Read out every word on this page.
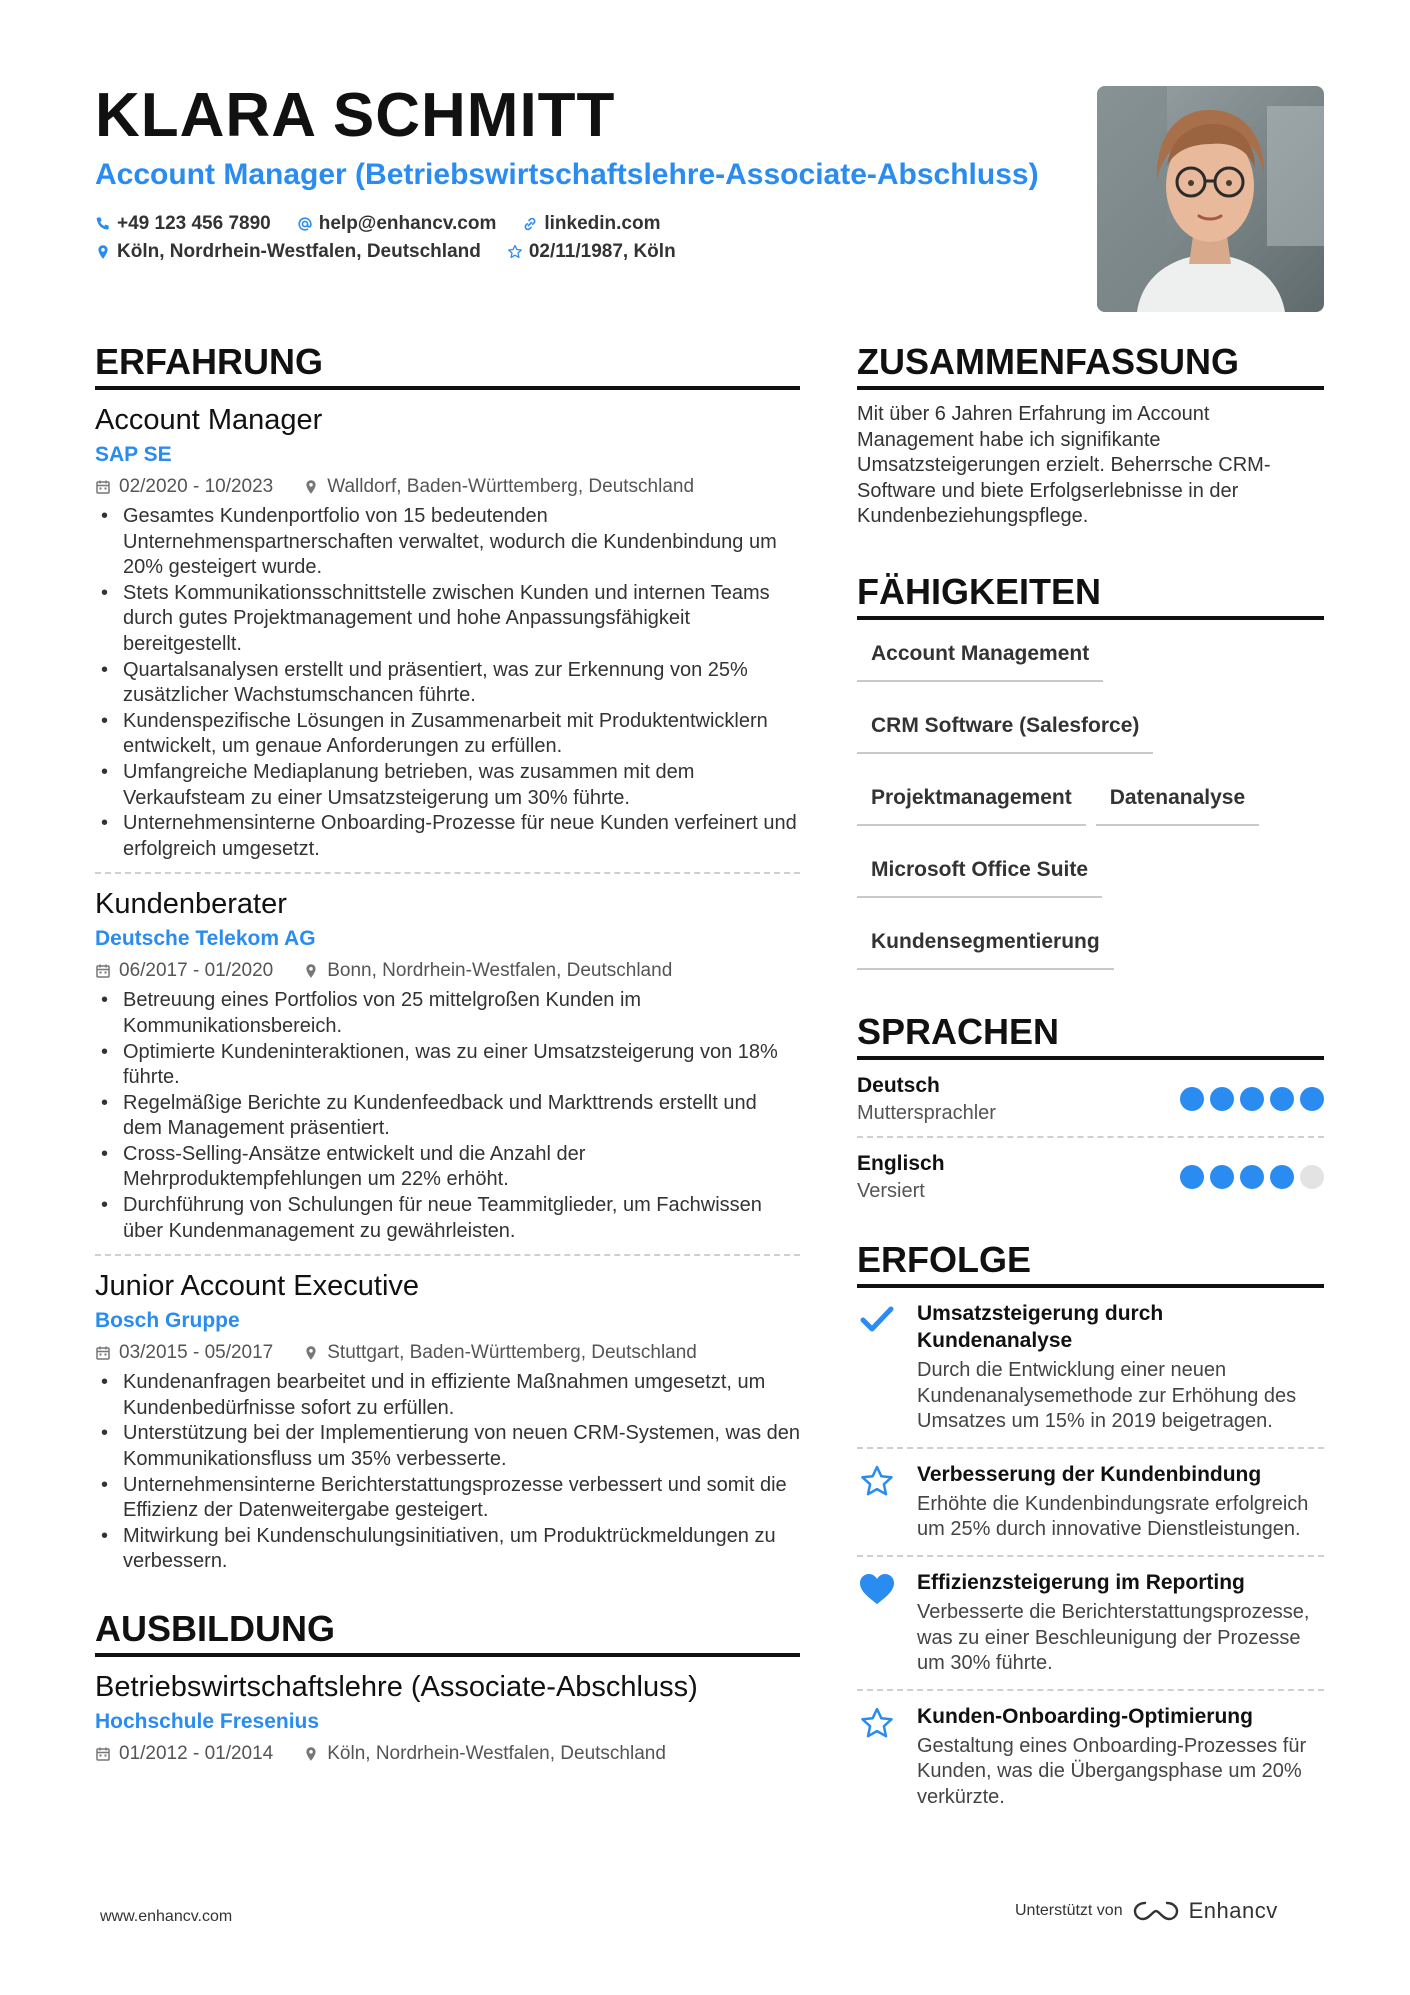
KLARA SCHMITT
Account Manager (Betriebswirtschaftslehre-Associate-Abschluss)
+49 123 456 7890	help@enhancv.com	linkedin.com
Köln, Nordrhein-Westfalen, Deutschland	02/11/1987, Köln
ERFAHRUNG
Account Manager
SAP SE
02/2020 - 10/2023	Walldorf, Baden-Württemberg, Deutschland
• Gesamtes Kundenportfolio von 15 bedeutenden Unternehmenspartnerschaften verwaltet, wodurch die Kundenbindung um 20% gesteigert wurde.
• Stets Kommunikationsschnittstelle zwischen Kunden und internen Teams durch gutes Projektmanagement und hohe Anpassungsfähigkeit bereitgestellt.
• Quartalsanalysen erstellt und präsentiert, was zur Erkennung von 25% zusätzlicher Wachstumschancen führte.
• Kundenspezifische Lösungen in Zusammenarbeit mit Produktentwicklern entwickelt, um genaue Anforderungen zu erfüllen.
• Umfangreiche Mediaplanung betrieben, was zusammen mit dem Verkaufsteam zu einer Umsatzsteigerung um 30% führte.
• Unternehmensinterne Onboarding-Prozesse für neue Kunden verfeinert und erfolgreich umgesetzt.
Kundenberater
Deutsche Telekom AG
06/2017 - 01/2020	Bonn, Nordrhein-Westfalen, Deutschland
• Betreuung eines Portfolios von 25 mittelgroßen Kunden im Kommunikationsbereich.
• Optimierte Kundeninteraktionen, was zu einer Umsatzsteigerung von 18% führte.
• Regelmäßige Berichte zu Kundenfeedback und Markttrends erstellt und dem Management präsentiert.
• Cross-Selling-Ansätze entwickelt und die Anzahl der Mehrproduktempfehlungen um 22% erhöht.
• Durchführung von Schulungen für neue Teammitglieder, um Fachwissen über Kundenmanagement zu gewährleisten.
Junior Account Executive
Bosch Gruppe
03/2015 - 05/2017	Stuttgart, Baden-Württemberg, Deutschland
• Kundenanfragen bearbeitet und in effiziente Maßnahmen umgesetzt, um Kundenbedürfnisse sofort zu erfüllen.
• Unterstützung bei der Implementierung von neuen CRM-Systemen, was den Kommunikationsfluss um 35% verbesserte.
• Unternehmensinterne Berichterstattungsprozesse verbessert und somit die Effizienz der Datenweitergabe gesteigert.
• Mitwirkung bei Kundenschulungsinitiativen, um Produktrückmeldungen zu verbessern.
AUSBILDUNG
Betriebswirtschaftslehre (Associate-Abschluss)
Hochschule Fresenius
01/2012 - 01/2014	Köln, Nordrhein-Westfalen, Deutschland
ZUSAMMENFASSUNG
Mit über 6 Jahren Erfahrung im Account Management habe ich signifikante Umsatzsteigerungen erzielt. Beherrsche CRM-Software und biete Erfolgserlebnisse in der Kundenbeziehungspflege.
FÄHIGKEITEN
Account Management
CRM Software (Salesforce)
Projektmanagement	Datenanalyse
Microsoft Office Suite
Kundensegmentierung
SPRACHEN
Deutsch
Muttersprachler
Englisch
Versiert
ERFOLGE
Umsatzsteigerung durch Kundenanalyse
Durch die Entwicklung einer neuen Kundenanalysemethode zur Erhöhung des Umsatzes um 15% in 2019 beigetragen.
Verbesserung der Kundenbindung
Erhöhte die Kundenbindungsrate erfolgreich um 25% durch innovative Dienstleistungen.
Effizienzsteigerung im Reporting
Verbesserte die Berichterstattungsprozesse, was zu einer Beschleunigung der Prozesse um 30% führte.
Kunden-Onboarding-Optimierung
Gestaltung eines Onboarding-Prozesses für Kunden, was die Übergangsphase um 20% verkürzte.
www.enhancv.com	Unterstützt von	Enhancv
